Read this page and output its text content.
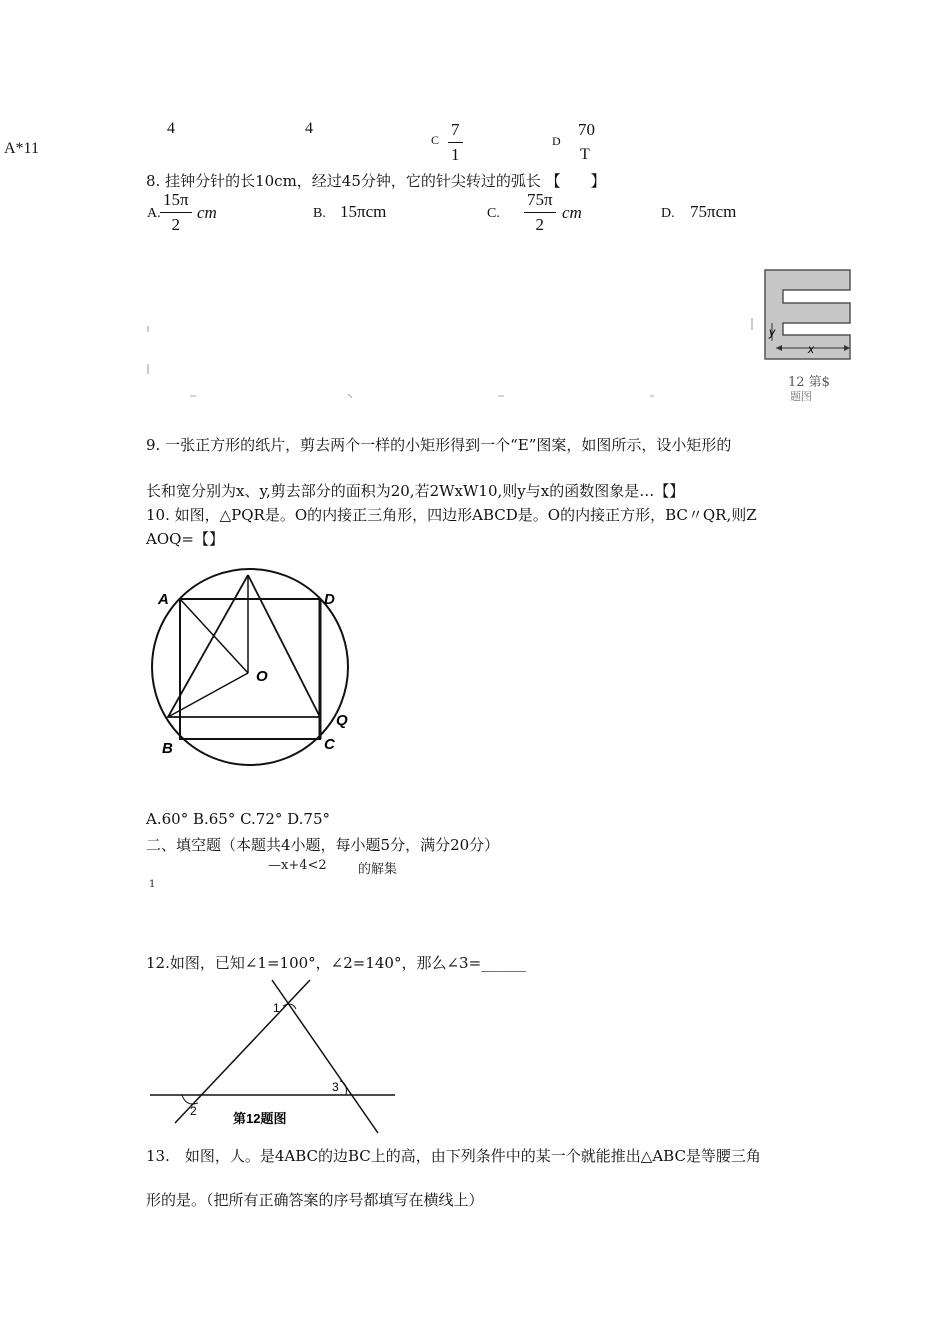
A*11
4	4
C
7
1
D
70
T
8. 挂钟分针的长10cm，经过45分钟，它的针尖转过的弧长 【　　】
A.
15π
2
cm	B. 15πcm	C.
75π
2
cm	D. 75πcm
y
x
12 第$
题图
9. 一张正方形的纸片，剪去两个一样的小矩形得到一个“E”图案，如图所示，设小矩形的
长和宽分别为x、y,剪去部分的面积为20,若2WxW10,则y与x的函数图象是…【】
10. 如图，△PQR是。O的内接正三角形，四边形ABCD是。O的内接正方形，BC〃QR,则Z
AOQ=【】
A	D
O
Q
B	C
A.60° B.65° C.72° D.75°
二、填空题（本题共4小题，每小题5分，满分20分）
—x+4<2 的解集
1
12.如图，已知∠1=100°，∠2=140°，那么∠3=______
1
2
3
第12题图
13.　如图，人。是4ABC的边BC上的高，由下列条件中的某一个就能推出△ABC是等腰三角
形的是。（把所有正确答案的序号都填写在横线上）
